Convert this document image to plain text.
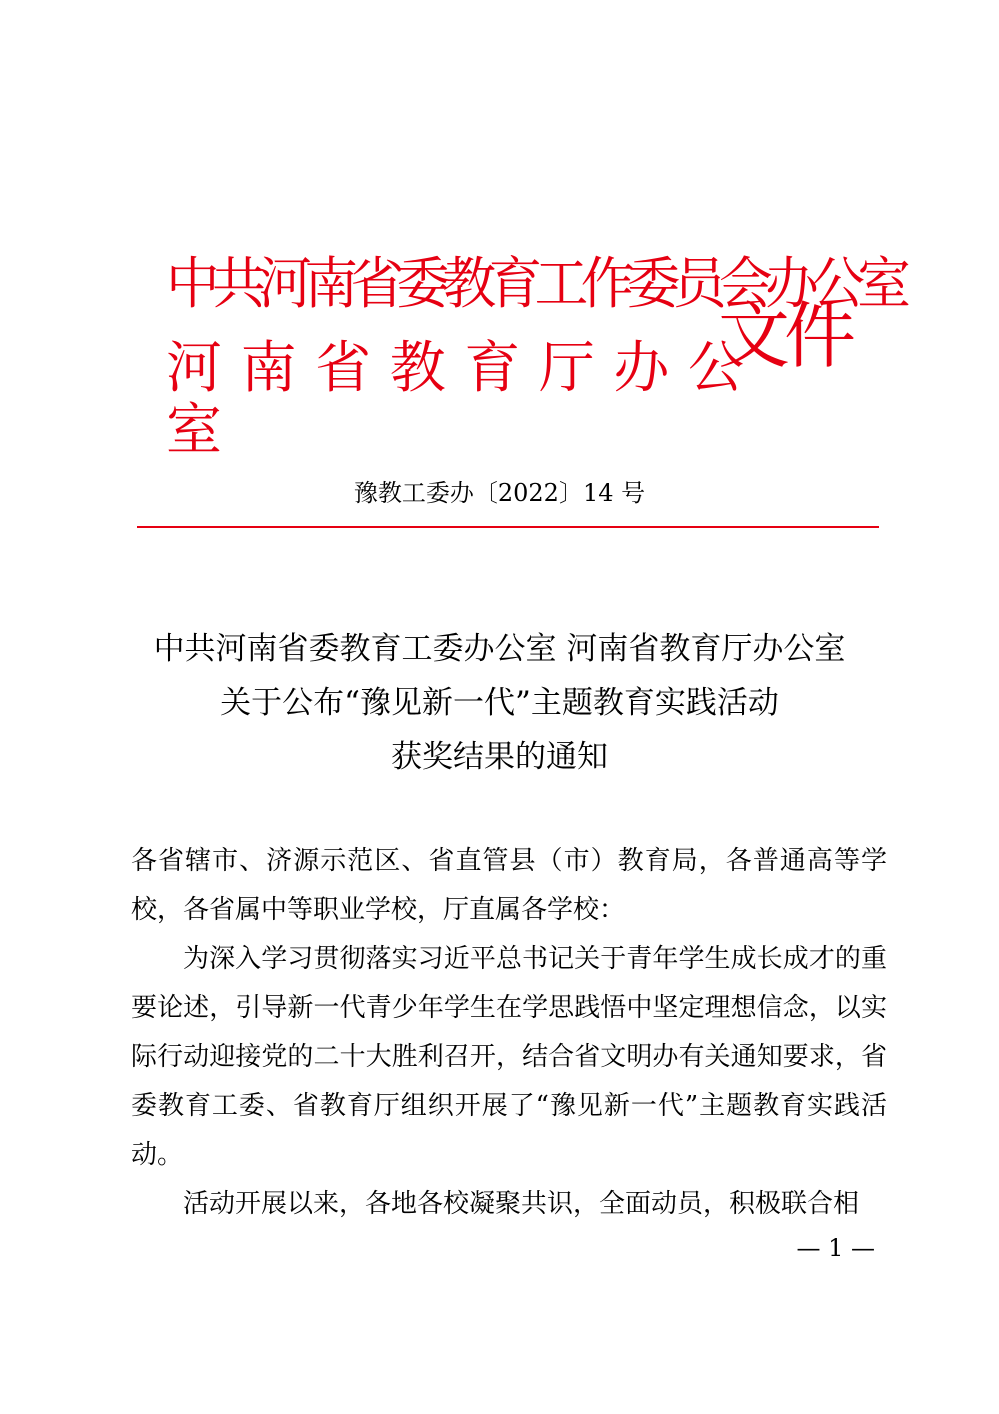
中共河南省委教育工作委员会办公室
河 南 省 教 育 厅 办 公 室
文件
豫教工委办〔2022〕14 号
中共河南省委教育工委办公室 河南省教育厅办公室
关于公布“豫见新一代”主题教育实践活动
获奖结果的通知

各省辖市、济源示范区、省直管县（市）教育局，各普通高等学校，各省属中等职业学校，厅直属各学校：

为深入学习贯彻落实习近平总书记关于青年学生成长成才的重要论述，引导新一代青少年学生在学思践悟中坚定理想信念，以实际行动迎接党的二十大胜利召开，结合省文明办有关通知要求，省委教育工委、省教育厅组织开展了“豫见新一代”主题教育实践活动。

活动开展以来，各地各校凝聚共识，全面动员，积极联合相

— 1 —
